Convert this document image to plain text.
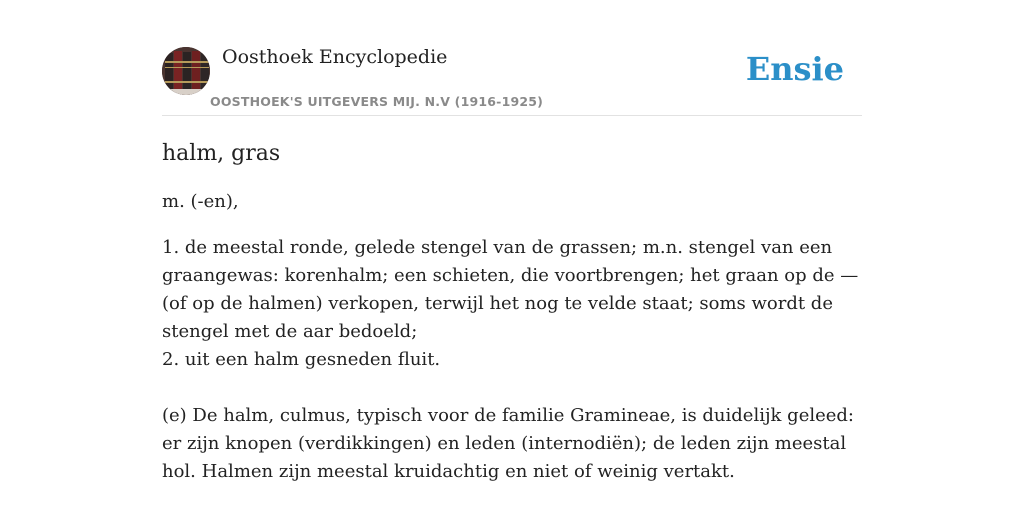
Oosthoek Encyclopedie
OOSTHOEK'S UITGEVERS MIJ. N.V (1916-1925)
Ensie
halm, gras

m. (-en),

1. de meestal ronde, gelede stengel van de grassen; m.n. stengel van een graangewas: korenhalm; een schieten, die voortbrengen; het graan op de — (of op de halmen) verkopen, terwijl het nog te velde staat; soms wordt de stengel met de aar bedoeld;

2. uit een halm gesneden fluit.

(e) De halm, culmus, typisch voor de familie Gramineae, is duidelijk geleed: er zijn knopen (verdikkingen) en leden (internodiën); de leden zijn meestal hol. Halmen zijn meestal kruidachtig en niet of weinig vertakt.
